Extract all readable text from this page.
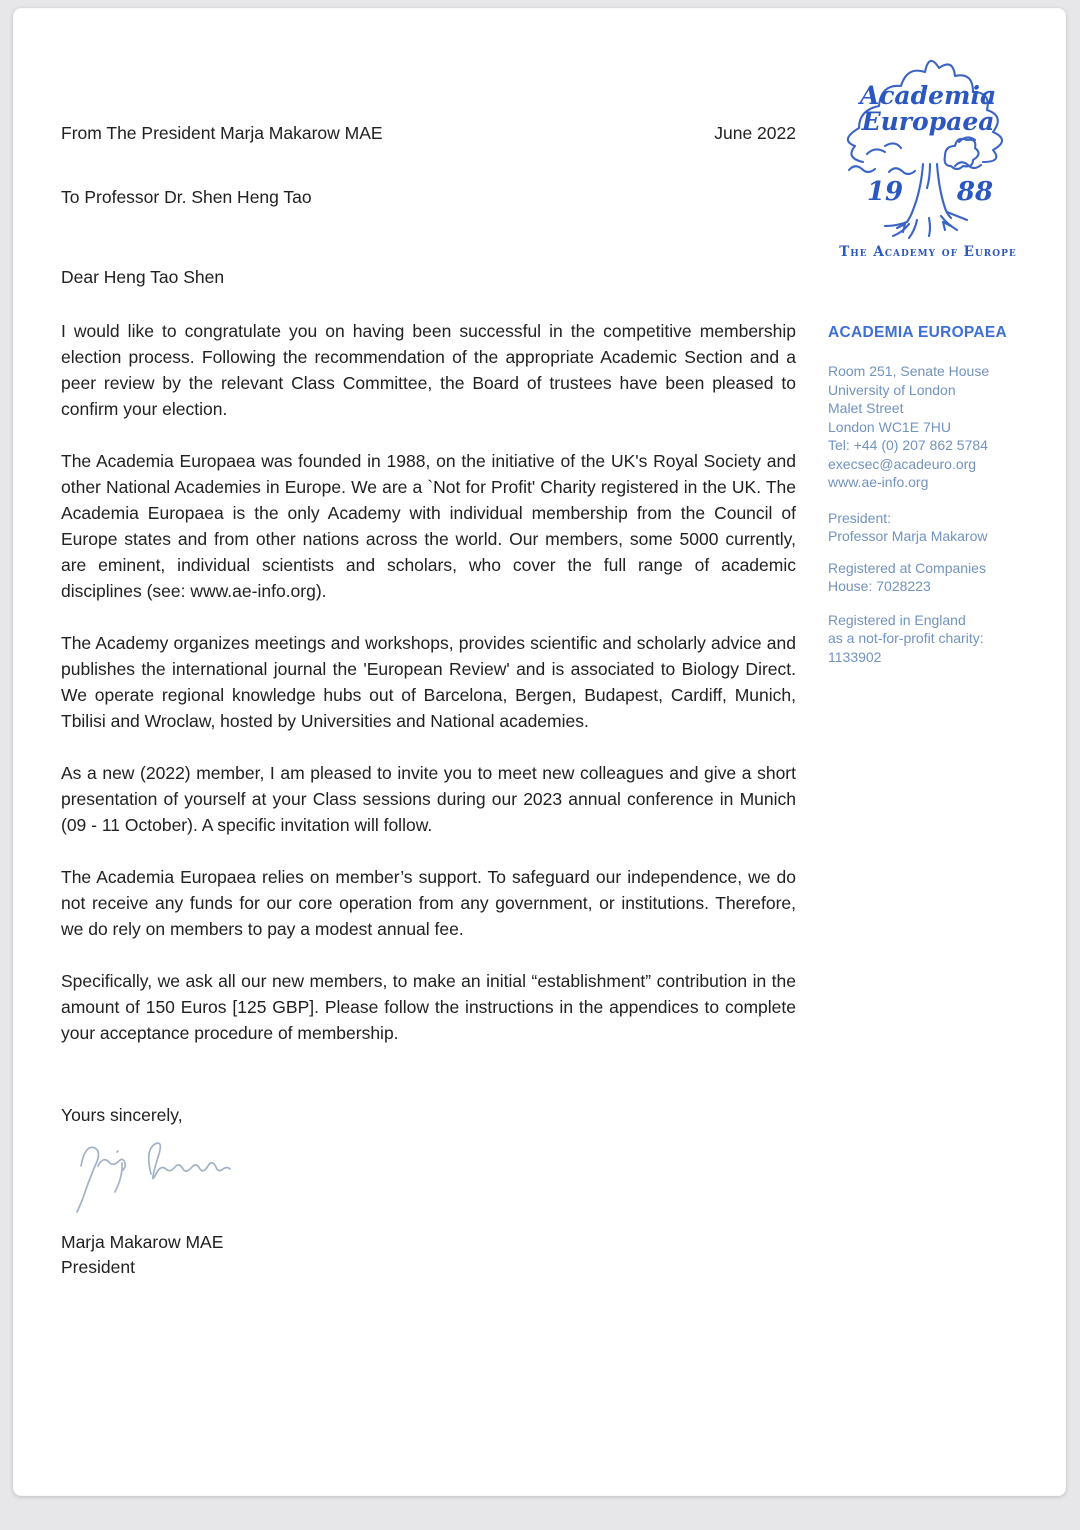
From The President Marja Makarow MAE	June 2022
To Professor Dr. Shen Heng Tao
Dear Heng Tao Shen

I would like to congratulate you on having been successful in the competitive membership election process. Following the recommendation of the appropriate Academic Section and a peer review by the relevant Class Committee, the Board of trustees have been pleased to confirm your election.

The Academia Europaea was founded in 1988, on the initiative of the UK's Royal Society and other National Academies in Europe. We are a `Not for Profit' Charity registered in the UK. The Academia Europaea is the only Academy with individual membership from the Council of Europe states and from other nations across the world. Our members, some 5000 currently, are eminent, individual scientists and scholars, who cover the full range of academic disciplines (see: www.ae-info.org).

The Academy organizes meetings and workshops, provides scientific and scholarly advice and publishes the international journal the 'European Review' and is associated to Biology Direct. We operate regional knowledge hubs out of Barcelona, Bergen, Budapest, Cardiff, Munich, Tbilisi and Wroclaw, hosted by Universities and National academies.

As a new (2022) member, I am pleased to invite you to meet new colleagues and give a short presentation of yourself at your Class sessions during our 2023 annual conference in Munich (09 - 11 October). A specific invitation will follow.

The Academia Europaea relies on member’s support. To safeguard our independence, we do not receive any funds for our core operation from any government, or institutions. Therefore, we do rely on members to pay a modest annual fee.

Specifically, we ask all our new members, to make an initial “establishment” contribution in the amount of 150 Euros [125 GBP]. Please follow the instructions in the appendices to complete your acceptance procedure of membership.

Yours sincerely,
Marja Makarow MAE
President
Academia
Europaea
19 88
The Academy of Europe
ACADEMIA EUROPAEA
Room 251, Senate House
University of London
Malet Street
London WC1E 7HU
Tel: +44 (0) 207 862 5784
execsec@acadeuro.org
www.ae-info.org
President:
Professor Marja Makarow
Registered at Companies
House: 7028223
Registered in England
as a not-for-profit charity:
1133902
